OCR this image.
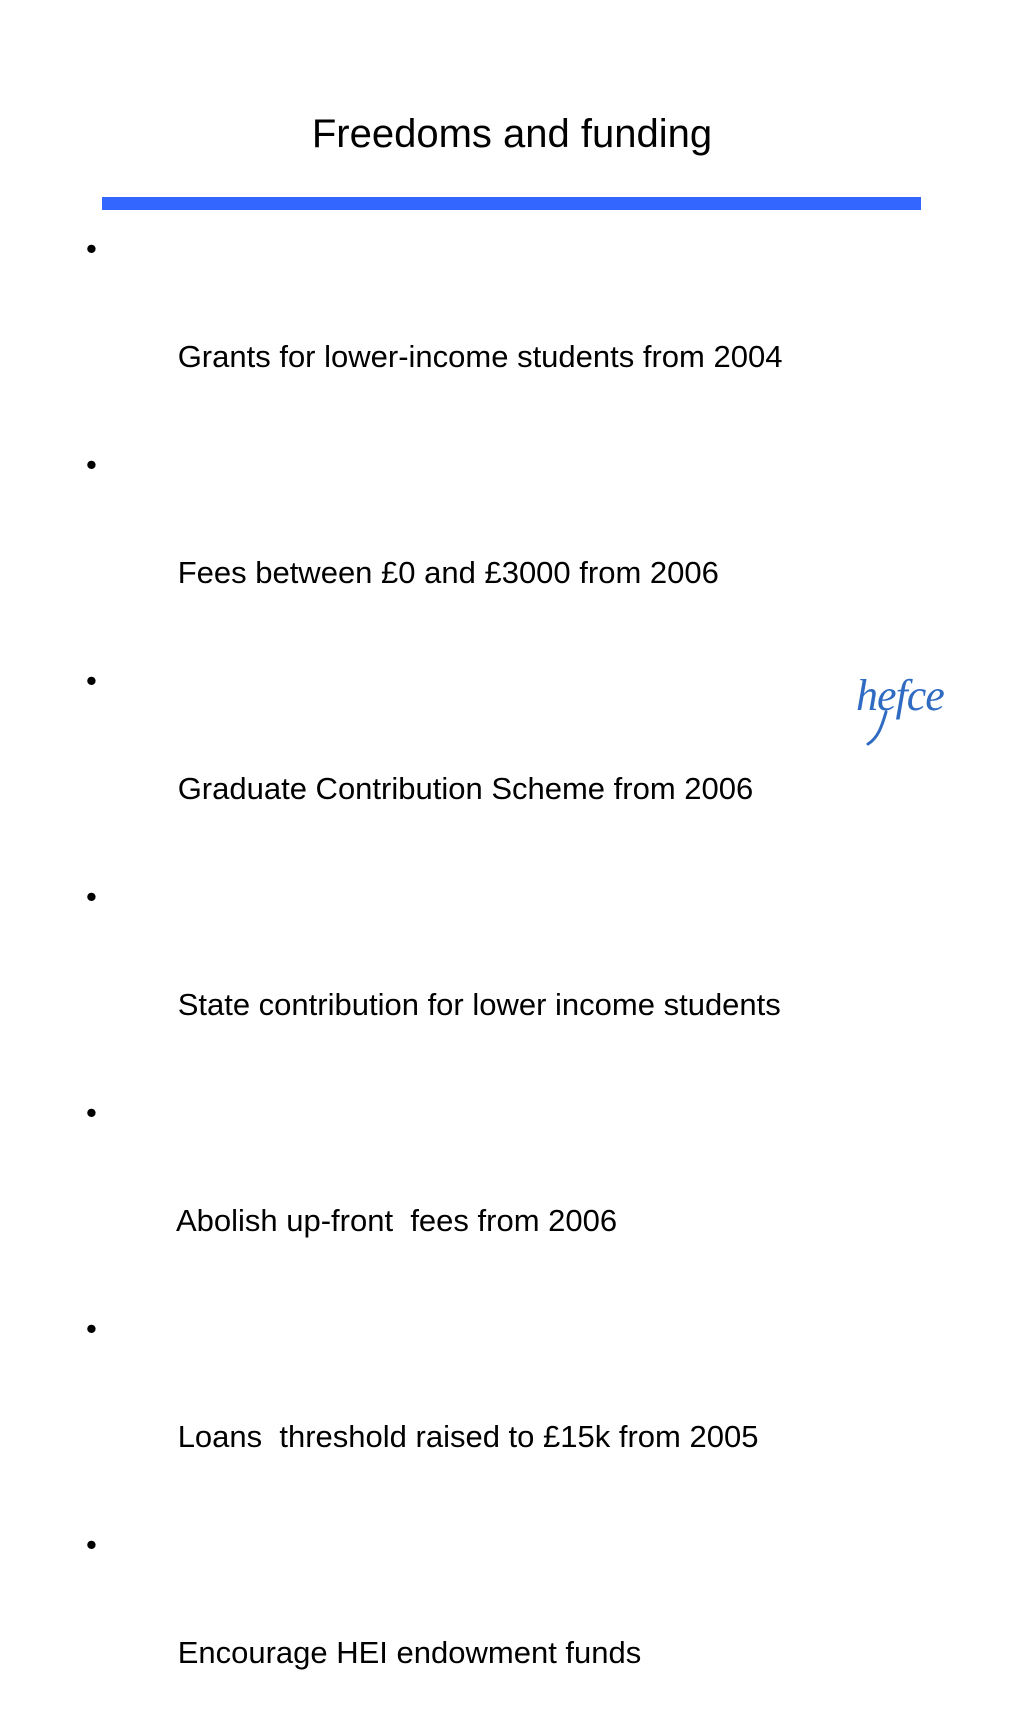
Freedoms and funding

•

Grants for lower-income students from 2004

•

Fees between £0 and £3000 from 2006

•

Graduate Contribution Scheme from 2006

•

State contribution for lower income students

•

Abolish up-front  fees from 2006

•

Loans  threshold raised to £15k from 2005

•

Encourage HEI endowment funds

hefce
